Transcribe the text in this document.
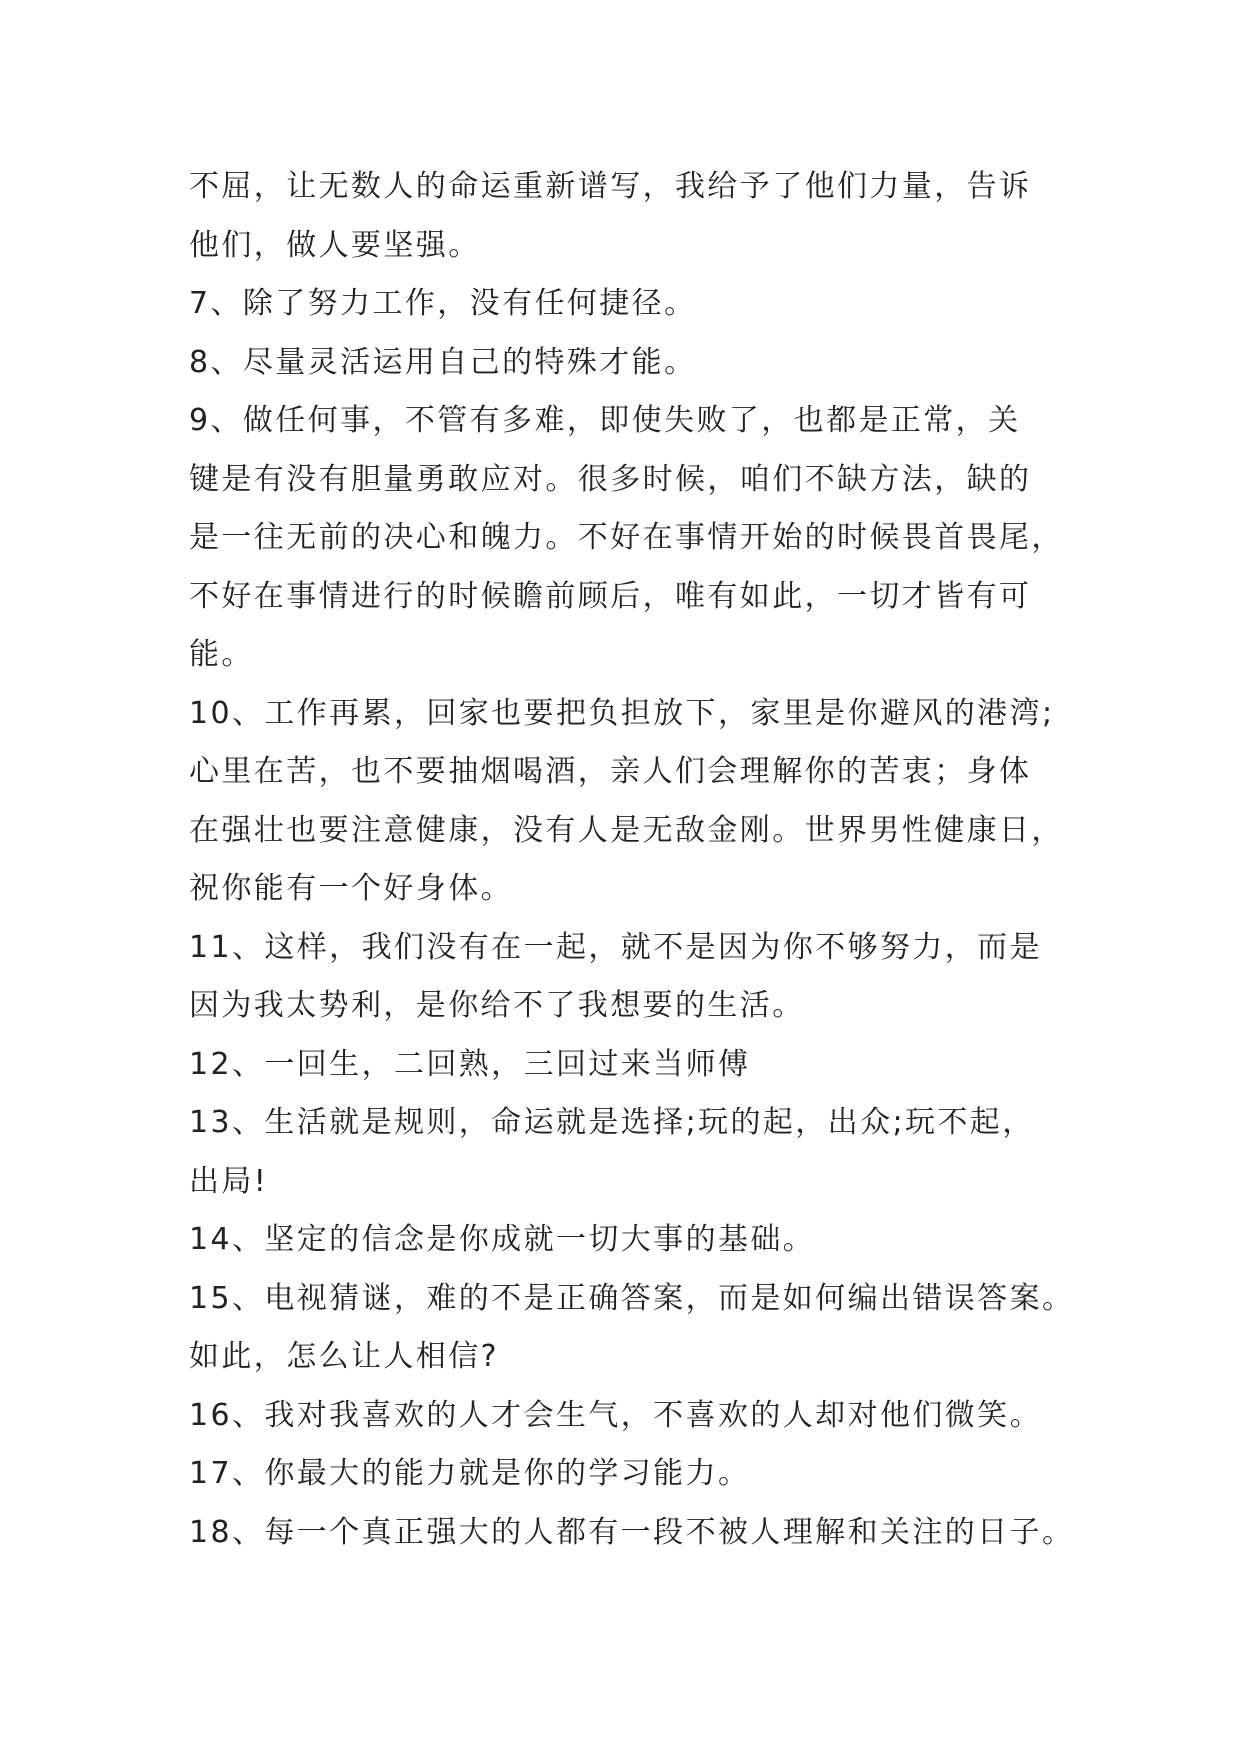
不屈，让无数人的命运重新谱写，我给予了他们力量，告诉
他们，做人要坚强。

7、除了努力工作，没有任何捷径。

8、尽量灵活运用自己的特殊才能。

9、做任何事，不管有多难，即使失败了，也都是正常，关
键是有没有胆量勇敢应对。很多时候，咱们不缺方法，缺的
是一往无前的决心和魄力。不好在事情开始的时候畏首畏尾，
不好在事情进行的时候瞻前顾后，唯有如此，一切才皆有可
能。

10、工作再累，回家也要把负担放下，家里是你避风的港湾;
心里在苦，也不要抽烟喝酒，亲人们会理解你的苦衷；身体
在强壮也要注意健康，没有人是无敌金刚。世界男性健康日，
祝你能有一个好身体。

11、这样，我们没有在一起，就不是因为你不够努力，而是
因为我太势利，是你给不了我想要的生活。

12、一回生，二回熟，三回过来当师傅

13、生活就是规则，命运就是选择;玩的起，出众;玩不起，
出局!

14、坚定的信念是你成就一切大事的基础。

15、电视猜谜，难的不是正确答案，而是如何编出错误答案。
如此，怎么让人相信?

16、我对我喜欢的人才会生气，不喜欢的人却对他们微笑。

17、你最大的能力就是你的学习能力。

18、每一个真正强大的人都有一段不被人理解和关注的日子。
